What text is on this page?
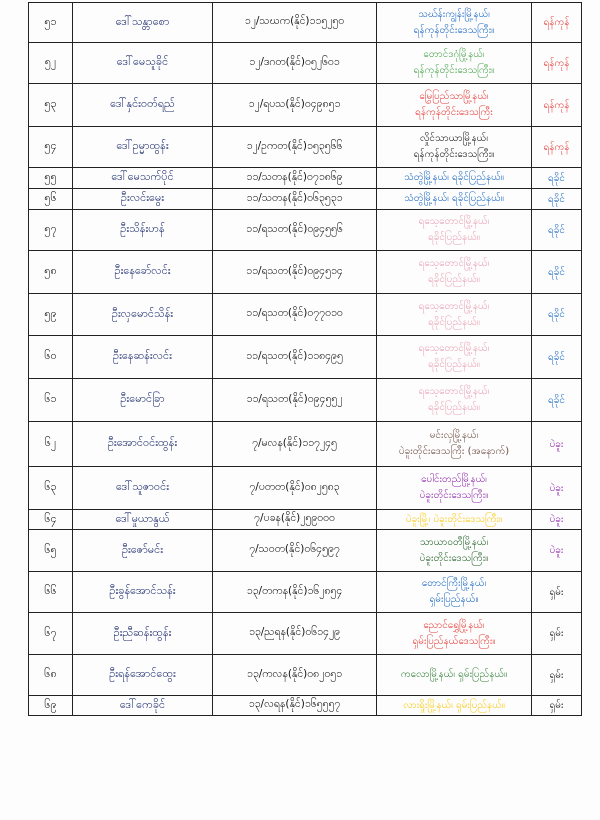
၅၁	ဒေါ်သန္တာစော	၁၂/သဃက(နိုင်)၁၁၅၂၅၀	သဃ်န်းကျွန်းမြို့နယ်၊
ရန်ကုန်တိုင်းဒေသကြီး။	ရန်ကုန်
၅၂	ဒေါ်မေသူခိုင်	၁၂/ဒဂတ(နိုင်)၀၅၂၆၀၁	တောင်ဒဂုံမြို့နယ်၊
ရန်ကုန်တိုင်းဒေသကြီး။	ရန်ကုန်
၅၃	ဒေါ်နှင်းဝတ်ရည်	၁၂/ရပသ(နိုင်)၀၄၉၈၅၁	မြွေပြည်သာမြို့နယ်၊
ရန်ကုန်တိုင်းဒေသကြီး	ရန်ကုန်
၅၄	ဒေါ်ဥမ္မာထွန်း	၁၂/ဥကတ(နိုင်)၁၅၃၅၆၆	လှိုင်သာယာမြို့နယ်၊
ရန်ကုန်တိုင်းဒေသကြီး။	ရန်ကုန်
၅၅	ဒေါ်မေသက်ပိုင်	၁၁/သတန(နိုင်)၀၇၁၈၆၉	သံတွဲမြို့နယ်၊ ရခိုင်ပြည်နယ်။	ရခိုင်
၅၆	ဦးလင်းမွေး	၁၁/သတန(နိုင်)၀၆၃၅၃၁	သံတွဲမြို့နယ်၊ ရခိုင်ပြည်နယ်။	ရခိုင်
၅၇	ဦးသိန်းဟန်	၁၁/ရသတ(နိုင်)၀၉၄၅၅၆	ရသေ့တောင်မြို့နယ်၊
ရခိုင်ပြည်နယ်။	ရခိုင်
၅၈	ဦးနေခော်လင်း	၁၁/ရသတ(နိုင်)၀၉၄၅၁၄	ရသေ့တောင်မြို့နယ်၊
ရခိုင်ပြည်နယ်။	ရခိုင်
၅၉	ဦးလှမောင်သိန်း	၁၁/ရသတ(နိုင်)၀၇၇၀၁၀	ရသေ့တောင်မြို့နယ်၊
ရခိုင်ပြည်နယ်။	ရခိုင်
၆၀	ဦးနေဆန်းလင်း	၁၁/ရသတ(နိုင်)၁၁၈၄၉၅	ရသေ့တောင်မြို့နယ်၊
ရခိုင်ပြည်နယ်။	ရခိုင်
၆၁	ဦးမောင်ခြာ	၁၁/ရသတ(နိုင်)၀၉၄၅၅၂	ရသေ့တောင်မြို့နယ်၊
ရခိုင်ပြည်နယ်။	ရခိုင်
၆၂	ဦးအောင်ဝင်းထွန်း	၇/မလန(နိုင်)၁၁၇၂၄၅	မင်းလှမြို့နယ်၊
ပဲခူးတိုင်းဒေသကြီး (အနောက်)	ပဲခူး
၆၃	ဒေါ်သူဇာဝင်း	၇/ပတတ(နိုင်)၀၈၂၅၈၃	ပေါင်းတည်မြို့နယ်၊
ပဲခူးတိုင်းဒေသကြီး။	ပဲခူး
၆၄	ဒေါ်မှုယာနွယ်	၇/ပခန(နိုင်)၂၅၉၀၀၀	ပဲခူးမြို့၊ ပဲခူးတိုင်းဒေသကြီး။	ပဲခူး
၆၅	ဦးဇော်မင်း	၇/သဝတ(နိုင်)၀၆၄၅၉၇	သာယာဝတီမြို့နယ်၊
ပဲခူးတိုင်းဒေသကြီး။	ပဲခူး
၆၆	ဦးခွန်အောင်သန်း	၁၃/တကန(နိုင်)၁၆၂၈၅၄	တောင်ကြီးမြို့နယ်၊
ရှမ်းပြည်နယ်။	ရှမ်း
၆၇	ဦးညီဆန်းထွန်း	၁၃/ညရန(နိုင်)၀၆၁၄၂၉	ညောင်ရွှေမြို့နယ်၊
ရှမ်းပြည်နယ်ဒေသကြီး။	ရှမ်း
၆၈	ဦးရန်အောင်ထွေး	၁၃/ကလန(နိုင်)၀၈၂၀၅၁	ကလောမြို့နယ်၊ ရှမ်းပြည်နယ်။	ရှမ်း
၆၉	ဒေါ်ကေခိုင်	၁၃/လရန(နိုင်)၁၆၅၅၅၇	လားရှိုးမြို့နယ်၊ ရှမ်းပြည်နယ်။	ရှမ်း
